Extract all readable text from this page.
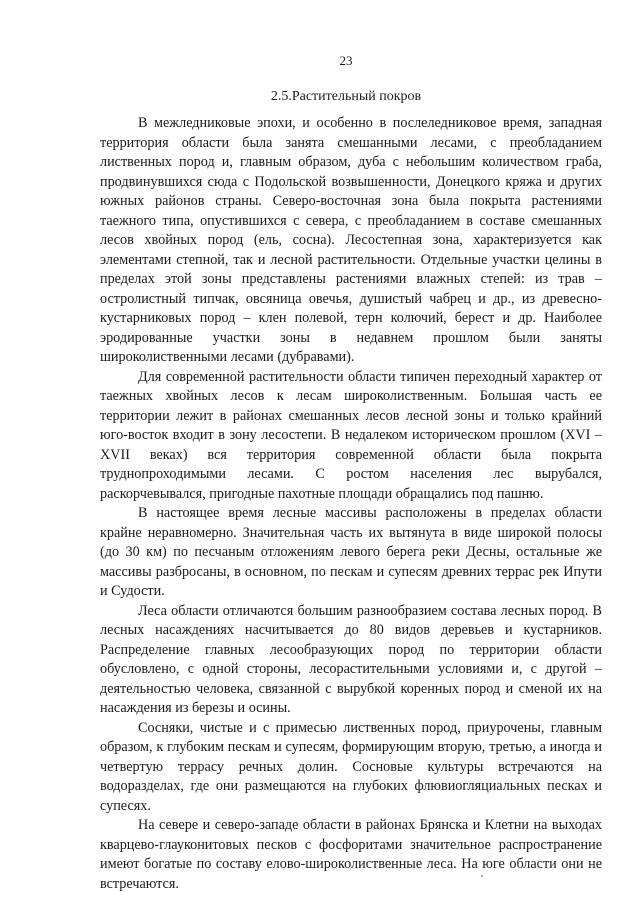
23
2.5.Растительный покров

В межледниковые эпохи, и особенно в послеледниковое время, западная территория области была занята смешанными лесами, с преобладанием лиственных пород и, главным образом, дуба с небольшим количеством граба, продвинувшихся сюда с Подольской возвышенности, Донецкого кряжа и других южных районов страны. Северо-восточная зона была покрыта растениями таежного типа, опустившихся с севера, с преобладанием в составе смешанных лесов хвойных пород (ель, сосна). Лесостепная зона, характеризуется как элементами степной, так и лесной растительности. Отдельные участки целины в пределах этой зоны представлены растениями влажных степей: из трав – остролистный типчак, овсяница овечья, душистый чабрец и др., из древесно-кустарниковых пород – клен полевой, терн колючий, берест и др. Наиболее эродированные участки зоны в недавнем прошлом были заняты широколиственными лесами (дубравами).

Для современной растительности области типичен переходный характер от таежных хвойных лесов к лесам широколиственным. Большая часть ее территории лежит в районах смешанных лесов лесной зоны и только крайний юго-восток входит в зону лесостепи. В недалеком историческом прошлом (XVI – XVII веках) вся территория современной области была покрыта труднопроходимыми лесами. С ростом населения лес вырубался, раскорчевывался, пригодные пахотные площади обращались под пашню.

В настоящее время лесные массивы расположены в пределах области крайне неравномерно. Значительная часть их вытянута в виде широкой полосы (до 30 км) по песчаным отложениям левого берега реки Десны, остальные же массивы разбросаны, в основном, по пескам и супесям древних террас рек Ипути и Судости.

Леса области отличаются большим разнообразием состава лесных пород. В лесных насаждениях насчитывается до 80 видов деревьев и кустарников. Распределение главных лесообразующих пород по территории области обусловлено, с одной стороны, лесорастительными условиями и, с другой – деятельностью человека, связанной с вырубкой коренных пород и сменой их на насаждения из березы и осины.

Сосняки, чистые и с примесью лиственных пород, приурочены, главным образом, к глубоким пескам и супесям, формирующим вторую, третью, а иногда и четвертую террасу речных долин. Сосновые культуры встречаются на водоразделах, где они размещаются на глубоких флювиогляциальных песках и супесях.

На севере и северо-западе области в районах Брянска и Клетни на выходах кварцево-глауконитовых песков с фосфоритами значительное распространение имеют богатые по составу елово-широколиственные леса. На юге области они не встречаются.
